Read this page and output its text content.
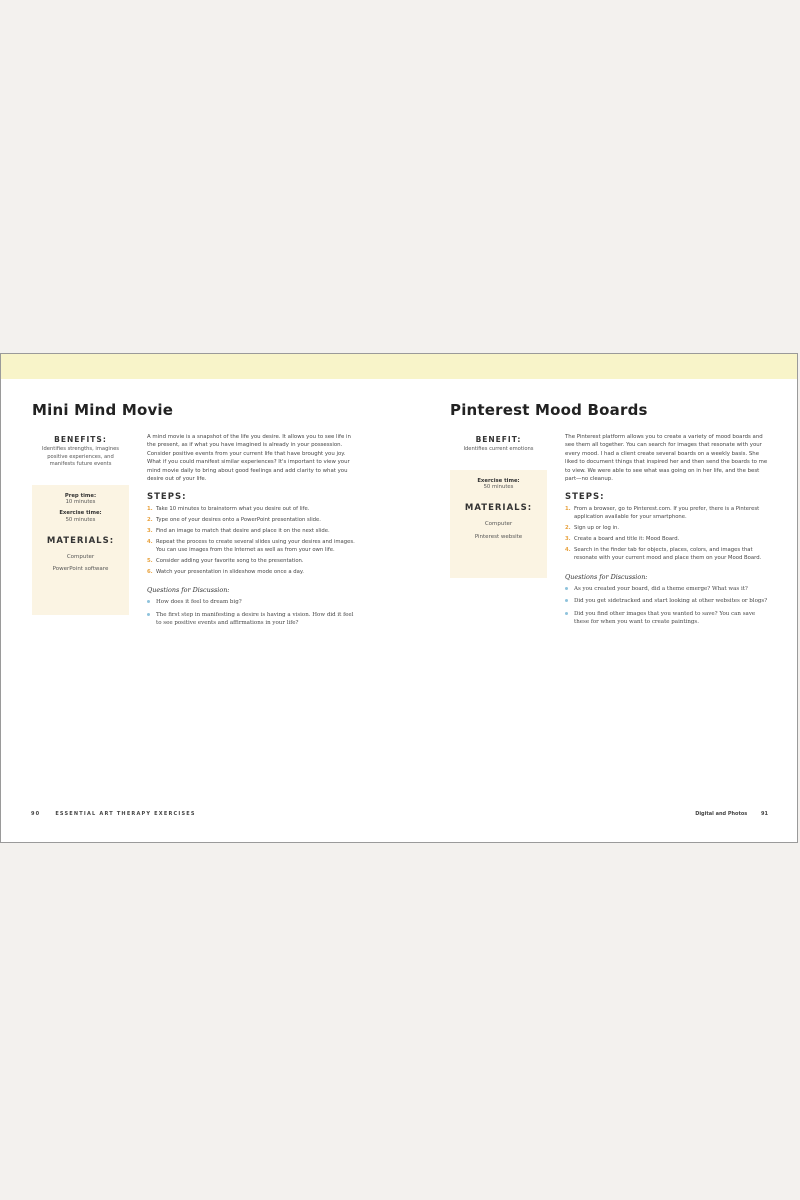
Mini Mind Movie

BENEFITS:

Identifies strengths, imagines positive experiences, and manifests future events

Prep time:

10 minutes

Exercise time:

50 minutes

MATERIALS:

Computer

PowerPoint software

A mind movie is a snapshot of the life you desire. It allows you to see life in the present, as if what you have imagined is already in your possession. Consider positive events from your current life that have brought you joy. What if you could manifest similar experiences? It's important to view your mind movie daily to bring about good feelings and add clarity to what you desire out of your life.

STEPS:

1. Take 10 minutes to brainstorm what you desire out of life.
2. Type one of your desires onto a PowerPoint presentation slide.
3. Find an image to match that desire and place it on the next slide.
4. Repeat the process to create several slides using your desires and images. You can use images from the Internet as well as from your own life.
5. Consider adding your favorite song to the presentation.
6. Watch your presentation in slideshow mode once a day.

Questions for Discussion:

How does it feel to dream big?
The first step in manifesting a desire is having a vision. How did it feel to see positive events and affirmations in your life?
90	ESSENTIAL ART THERAPY EXERCISES
Pinterest Mood Boards

BENEFIT:

Identifies current emotions

Exercise time:

50 minutes

MATERIALS:

Computer

Pinterest website

The Pinterest platform allows you to create a variety of mood boards and see them all together. You can search for images that resonate with your every mood. I had a client create several boards on a weekly basis. She liked to document things that inspired her and then send the boards to me to view. We were able to see what was going on in her life, and the best part—no cleanup.

STEPS:

1. From a browser, go to Pinterest.com. If you prefer, there is a Pinterest application available for your smartphone.
2. Sign up or log in.
3. Create a board and title it: Mood Board.
4. Search in the finder tab for objects, places, colors, and images that resonate with your current mood and place them on your Mood Board.

Questions for Discussion:

As you created your board, did a theme emerge? What was it?
Did you get sidetracked and start looking at other websites or blogs?
Did you find other images that you wanted to save? You can save these for when you want to create paintings.
Digital and Photos	91
